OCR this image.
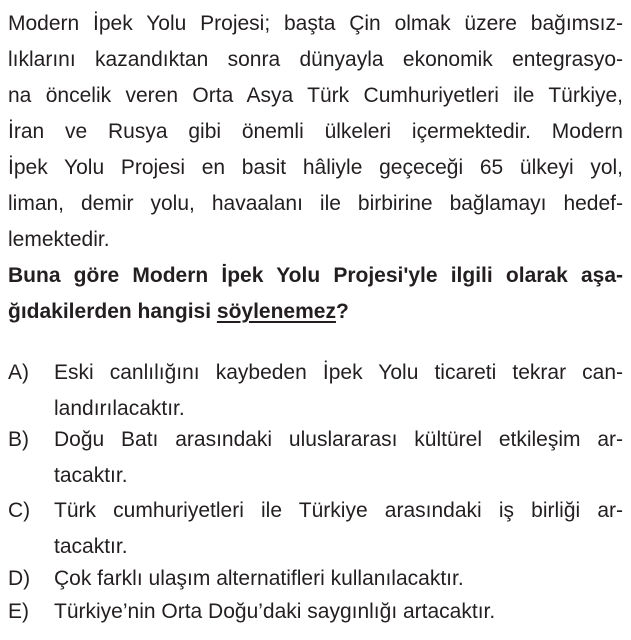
Modern İpek Yolu Projesi; başta Çin olmak üzere bağımsız-
lıklarını kazandıktan sonra dünyayla ekonomik entegrasyo-
na öncelik veren Orta Asya Türk Cumhuriyetleri ile Türkiye,
İran ve Rusya gibi önemli ülkeleri içermektedir. Modern
İpek Yolu Projesi en basit hâliyle geçeceği 65 ülkeyi yol,
liman, demir yolu, havaalanı ile birbirine bağlamayı hedef-
lemektedir.
Buna göre Modern İpek Yolu Projesi'yle ilgili olarak aşa-
ğıdakilerden hangisi söylenemez?
A) Eski canlılığını kaybeden İpek Yolu ticareti tekrar can-
landırılacaktır.
B) Doğu Batı arasındaki uluslararası kültürel etkileşim ar-
tacaktır.
C) Türk cumhuriyetleri ile Türkiye arasındaki iş birliği ar-
tacaktır.
D) Çok farklı ulaşım alternatifleri kullanılacaktır.
E) Türkiye’nin Orta Doğu’daki saygınlığı artacaktır.
